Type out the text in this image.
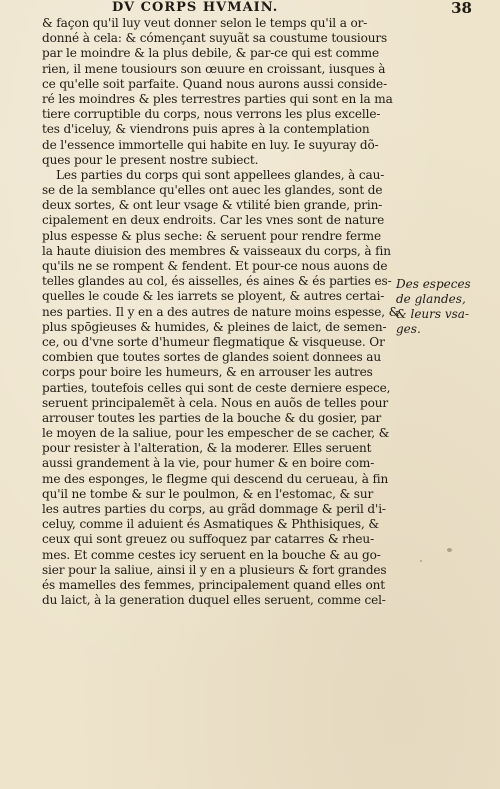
DV CORPS HVMAIN.	38
& façon qu'il luy veut donner selon le temps qu'il a or-
donné à cela: & cómençant suyuãt sa coustume tousiours
par le moindre & la plus debile, & par-ce qui est comme
rien, il mene tousiours son œuure en croissant, iusques à
ce qu'elle soit parfaite. Quand nous aurons aussi conside-
ré les moindres & ples terrestres parties qui sont en la ma
tiere corruptible du corps, nous verrons les plus excelle-
tes d'iceluy, & viendrons puis apres à la contemplation
de l'essence immortelle qui habite en luy. Ie suyuray dõ-
ques pour le present nostre subiect.
Les parties du corps qui sont appellees glandes, à cau-
se de la semblance qu'elles ont auec les glandes, sont de
deux sortes, & ont leur vsage & vtilité bien grande, prin-
cipalement en deux endroits. Car les vnes sont de nature
plus espesse & plus seche: & seruent pour rendre ferme
la haute diuision des membres & vaisseaux du corps, à fin
qu'ils ne se rompent & fendent. Et pour-ce nous auons de
telles glandes au col, és aisselles, és aines & és parties es-
quelles le coude & les iarrets se ployent, & autres certai-
nes parties. Il y en a des autres de nature moins espesse, &
plus spōgieuses & humides, & pleines de laict, de semen-
ce, ou d'vne sorte d'humeur flegmatique & visqueuse. Or
combien que toutes sortes de glandes soient donnees au
corps pour boire les humeurs, & en arrouser les autres
parties, toutefois celles qui sont de ceste derniere espece,
seruent principalemẽt à cela. Nous en auõs de telles pour
arrouser toutes les parties de la bouche & du gosier, par
le moyen de la saliue, pour les empescher de se cacher, &
pour resister à l'alteration, & la moderer. Elles seruent
aussi grandement à la vie, pour humer & en boire com-
me des esponges, le flegme qui descend du cerueau, à fin
qu'il ne tombe & sur le poulmon, & en l'estomac, & sur
les autres parties du corps, au grãd dommage & peril d'i-
celuy, comme il aduient és Asmatiques & Phthisiques, &
ceux qui sont greuez ou suffoquez par catarres & rheu-
mes. Et comme cestes icy seruent en la bouche & au go-
sier pour la saliue, ainsi il y en a plusieurs & fort grandes
és mamelles des femmes, principalement quand elles ont
du laict, à la generation duquel elles seruent, comme cel-
Des especes
de glandes,
& leurs vsa-
ges.
